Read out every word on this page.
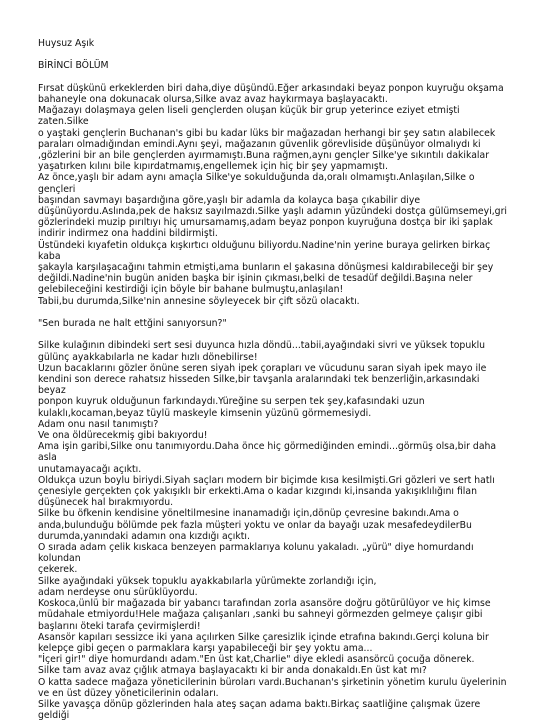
Huysuz Aşık
BİRİNCİ BÖLÜM

Fırsat düşkünü erkeklerden biri daha,diye düşündü.Eğer arkasındaki beyaz ponpon kuyruğu okşama
bahaneyle ona dokunacak olursa,Silke avaz avaz haykırmaya başlayacaktı.

Mağazayı dolaşmaya gelen liseli gençlerden oluşan küçük bir grup yeterince eziyet etmişti zaten.Silke
o yaştaki gençlerin Buchanan's gibi bu kadar lüks bir mağazadan herhangi bir şey satın alabilecek
paraları olmadığından emindi.Aynı şeyi, mağazanın güvenlik görevliside düşünüyor olmalıydı ki
,gözlerini bir an bile gençlerden ayırmamıştı.Buna rağmen,aynı gençler Silke'ye sıkıntılı dakikalar
yaşatırken kılını bile kıpırdatmamış,engellemek için hiç bir şey yapmamıştı.

Az önce,yaşlı bir adam aynı amaçla Silke'ye sokulduğunda da,oralı olmamıştı.Anlaşılan,Silke o gençleri
başından savmayı başardığına göre,yaşlı bir adamla da kolayca başa çıkabilir diye
düşünüyordu.Aslında,pek de haksız sayılmazdı.Silke yaşlı adamın yüzündeki dostça gülümsemeyi,gri
gözlerindeki muzip pırıltıyı hiç umursamamış,adam beyaz ponpon kuyruğuna dostça bir iki şaplak
indirir indirmez ona haddini bildirmişti.

Üstündeki kıyafetin oldukça kışkırtıcı olduğunu biliyordu.Nadine'nin yerine buraya gelirken birkaç kaba
şakayla karşılaşacağını tahmin etmişti,ama bunların el şakasına dönüşmesi kaldırabileceği bir şey
değildi.Nadine'nin bugün aniden başka bir işinin çıkması,belki de tesadüf değildi.Başına neler
gelebileceğini kestirdiği için böyle bir bahane bulmuştu,anlaşılan!

Tabii,bu durumda,Silke'nin annesine söyleyecek bir çift sözü olacaktı.

"Sen burada ne halt ettğini sanıyorsun?"

Silke kulağının dibindeki sert sesi duyunca hızla döndü...tabii,ayağındaki sivri ve yüksek topuklu
gülünç ayakkabılarla ne kadar hızlı dönebilirse!

Uzun bacaklarını gözler önüne seren siyah ipek çorapları ve vücudunu saran siyah ipek mayo ile
kendini son derece rahatsız hisseden Silke,bir tavşanla aralarındaki tek benzerliğin,arkasındaki beyaz
ponpon kuyruk olduğunun farkındaydı.Yüreğine su serpen tek şey,kafasındaki uzun
kulaklı,kocaman,beyaz tüylü maskeyle kimsenin yüzünü görmemesiydi.

Adam onu nasıl tanımıştı?

Ve ona öldürecekmiş gibi bakıyordu!

Ama işin garibi,Silke onu tanımıyordu.Daha önce hiç görmediğinden emindi...görmüş olsa,bir daha asla
unutamayacağı açıktı.

Oldukça uzun boylu biriydi.Siyah saçları modern bir biçimde kısa kesilmişti.Gri gözleri ve sert hatlı
çenesiyle gerçekten çok yakışıklı bir erkekti.Ama o kadar kızgındı ki,insanda yakışıklılığını filan
düşünecek hal bırakmıyordu.

Silke bu öfkenin kendisine yöneltilmesine inanamadığı için,dönüp çevresine bakındı.Ama o
anda,bulunduğu bölümde pek fazla müşteri yoktu ve onlar da bayağı uzak mesafedeydilerBu
durumda,yanındaki adamın ona kızdığı açıktı.

O sırada adam çelik kıskaca benzeyen parmaklarıya kolunu yakaladı. „yürü" diye homurdandı kolundan
çekerek.

Silke ayağındaki yüksek topuklu ayakkabılarla yürümekte zorlandığı için,
adam nerdeyse onu sürüklüyordu.

Koskoca,ünlü bir mağazada bir yabancı tarafından zorla asansöre doğru götürülüyor ve hiç kimse
müdahale etmiyordu!Hele mağaza çalışanları ,sanki bu sahneyi görmezden gelmeye çalışır gibi
başlarını öteki tarafa çevirmişlerdi!

Asansör kapıları sessizce iki yana açılırken Silke çaresizlik içinde etrafına bakındı.Gerçi koluna bir
kelepçe gibi geçen o parmaklara karşı yapabileceği bir şey yoktu ama...

"İçeri gir!" diye homurdandı adam."En üst kat,Charlie" diye ekledi asansörcü çocuğa dönerek.

Silke tam avaz avaz çığlık atmaya başlayacaktı ki bir anda donakaldı.En üst kat mı?

O katta sadece mağaza yöneticilerinin büroları vardı.Buchanan's şirketinin yönetim kurulu üyelerinin
ve en üst düzey yöneticilerinin odaları.

Silke yavaşça dönüp gözlerinden hala ateş saçan adama baktı.Birkaç saatliğine çalışmak üzere geldiği
